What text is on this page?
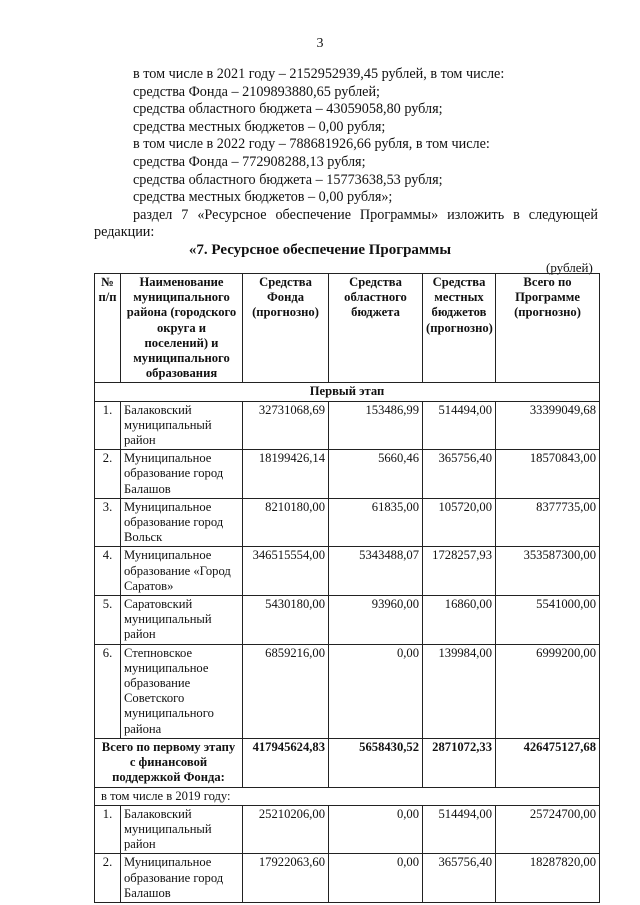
3
в том числе в 2021 году – 2152952939,45 рублей, в том числе:
средства Фонда – 2109893880,65 рублей;
средства областного бюджета – 43059058,80 рубля;
средства местных бюджетов – 0,00 рубля;
в том числе в 2022 году – 788681926,66 рубля, в том числе:
средства Фонда – 772908288,13 рубля;
средства областного бюджета – 15773638,53 рубля;
средства местных бюджетов – 0,00 рубля»;
раздел 7 «Ресурсное обеспечение Программы» изложить в следующей
редакции:
«7. Ресурсное обеспечение Программы
(рублей)
№ п/п	Наименование муниципального района (городского округа и поселений) и муниципального образования	Средства Фонда (прогнозно)	Средства областного бюджета	Средства местных бюджетов (прогнозно)	Всего по Программе (прогнозно)
Первый этап					
1.	Балаковский муниципальный район	32731068,69	153486,99	514494,00	33399049,68
2.	Муниципальное образование город Балашов	18199426,14	5660,46	365756,40	18570843,00
3.	Муниципальное образование город Вольск	8210180,00	61835,00	105720,00	8377735,00
4.	Муниципальное образование «Город Саратов»	346515554,00	5343488,07	1728257,93	353587300,00
5.	Саратовский муниципальный район	5430180,00	93960,00	16860,00	5541000,00
6.	Степновское муниципальное образование Советского муниципального района	6859216,00	0,00	139984,00	6999200,00
Всего по первому этапу с финансовой поддержкой Фонда:		417945624,83	5658430,52	2871072,33	426475127,68
в том числе в 2019 году:					
1.	Балаковский муниципальный район	25210206,00	0,00	514494,00	25724700,00
2.	Муниципальное образование город Балашов	17922063,60	0,00	365756,40	18287820,00
